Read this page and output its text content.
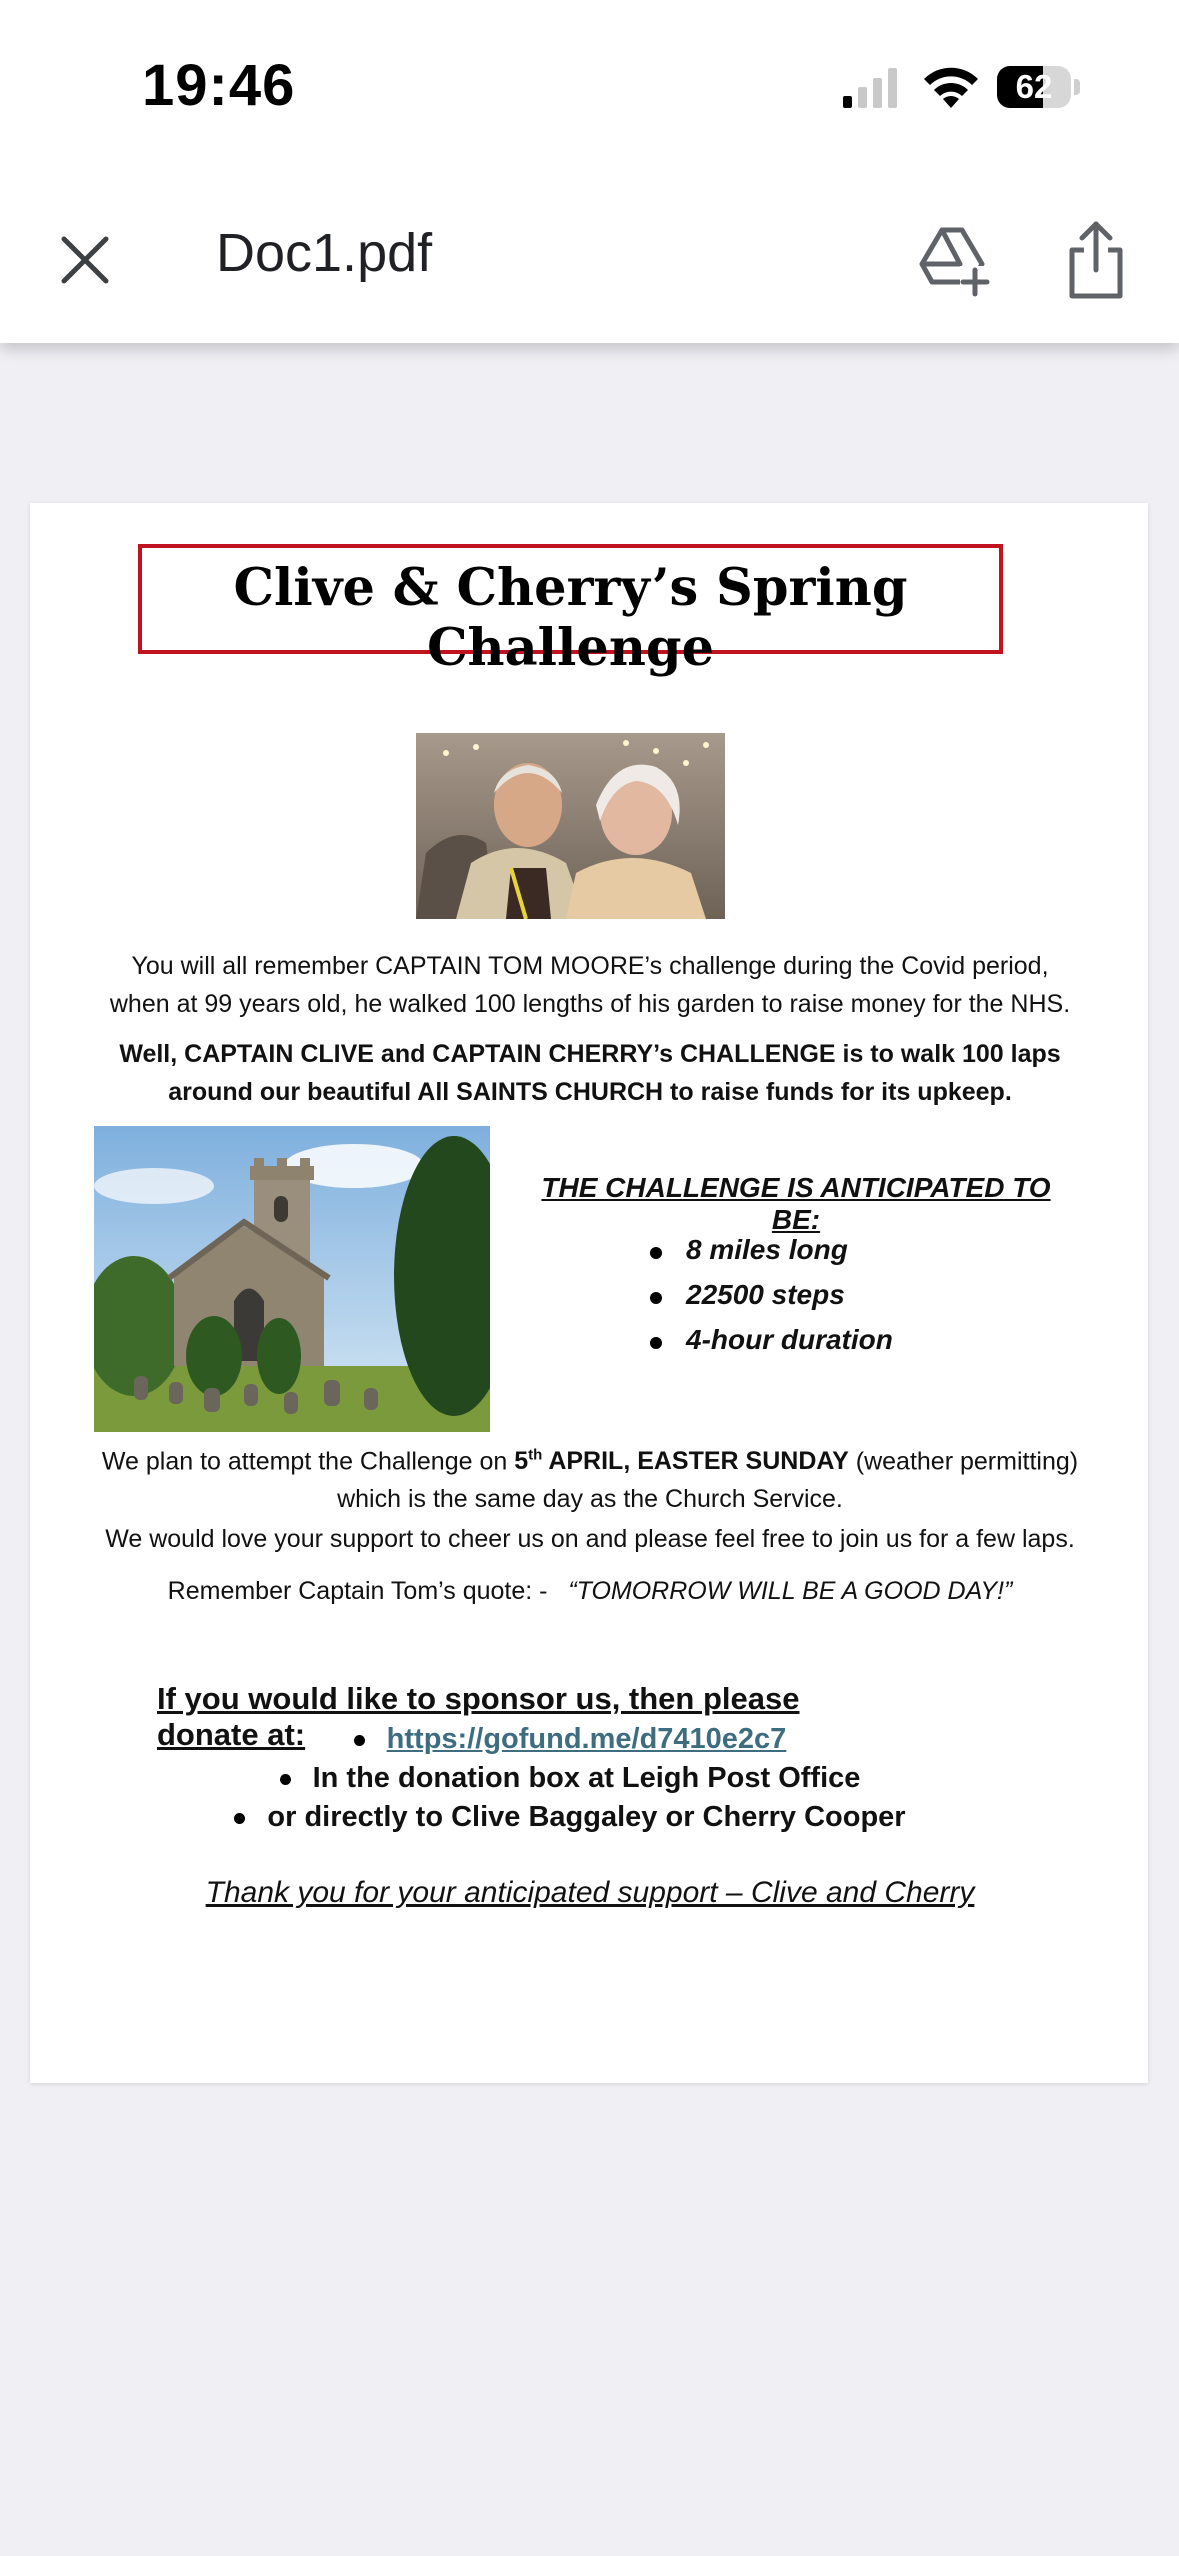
19:46	62
Doc1.pdf
Clive & Cherry’s Spring Challenge
You will all remember CAPTAIN TOM MOORE’s challenge during the Covid period,
when at 99 years old, he walked 100 lengths of his garden to raise money for the NHS.
Well, CAPTAIN CLIVE and CAPTAIN CHERRY’s CHALLENGE is to walk 100 laps
around our beautiful All SAINTS CHURCH to raise funds for its upkeep.
THE CHALLENGE IS ANTICIPATED TO BE:
8 miles long
22500 steps
4-hour duration
We plan to attempt the Challenge on 5th APRIL, EASTER SUNDAY (weather permitting)
which is the same day as the Church Service.
We would love your support to cheer us on and please feel free to join us for a few laps.
Remember Captain Tom’s quote: - “TOMORROW WILL BE A GOOD DAY!”
If you would like to sponsor us, then please donate at:	https://gofund.me/d7410e2c7
In the donation box at Leigh Post Office
or directly to Clive Baggaley or Cherry Cooper
Thank you for your anticipated support – Clive and Cherry
